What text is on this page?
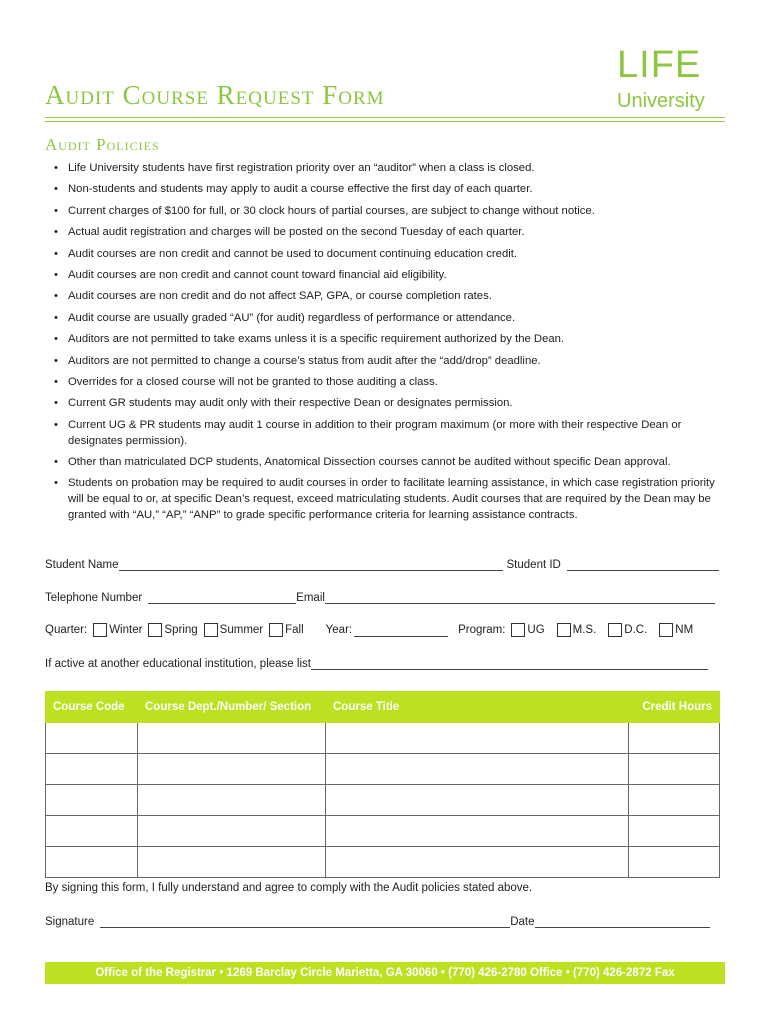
Audit Course Request Form
LIFE
University
Audit Policies
• Life University students have first registration priority over an “auditor” when a class is closed.
• Non-students and students may apply to audit a course effective the first day of each quarter.
• Current charges of $100 for full, or 30 clock hours of partial courses, are subject to change without notice.
• Actual audit registration and charges will be posted on the second Tuesday of each quarter.
• Audit courses are non credit and cannot be used to document continuing education credit.
• Audit courses are non credit and cannot count toward financial aid eligibility.
• Audit courses are non credit and do not affect SAP, GPA, or course completion rates.
• Audit course are usually graded “AU” (for audit) regardless of performance or attendance.
• Auditors are not permitted to take exams unless it is a specific requirement authorized by the Dean.
• Auditors are not permitted to change a course’s status from audit after the “add/drop” deadline.
• Overrides for a closed course will not be granted to those auditing a class.
• Current GR students may audit only with their respective Dean or designates permission.
• Current UG & PR students may audit 1 course in addition to their program maximum (or more with their respective Dean or designates permission).
• Other than matriculated DCP students, Anatomical Dissection courses cannot be audited without specific Dean approval.
• Students on probation may be required to audit courses in order to facilitate learning assistance, in which case registration priority will be equal to or, at specific Dean’s request, exceed matriculating students. Audit courses that are required by the Dean may be granted with “AU,” “AP,” “ANP” to grade specific performance criteria for learning assistance contracts.
Student Name	Student ID
Telephone Number	Email
Quarter: Winter Spring Summer Fall Year:	Program: UG M.S. D.C. NM
If active at another educational institution, please list
Course Code	Course Dept./Number/ Section	Course Title	Credit Hours

By signing this form, I fully understand and agree to comply with the Audit policies stated above.
Signature	Date
Office of the Registrar • 1269 Barclay Circle Marietta, GA 30060 • (770) 426-2780 Office • (770) 426-2872 Fax
